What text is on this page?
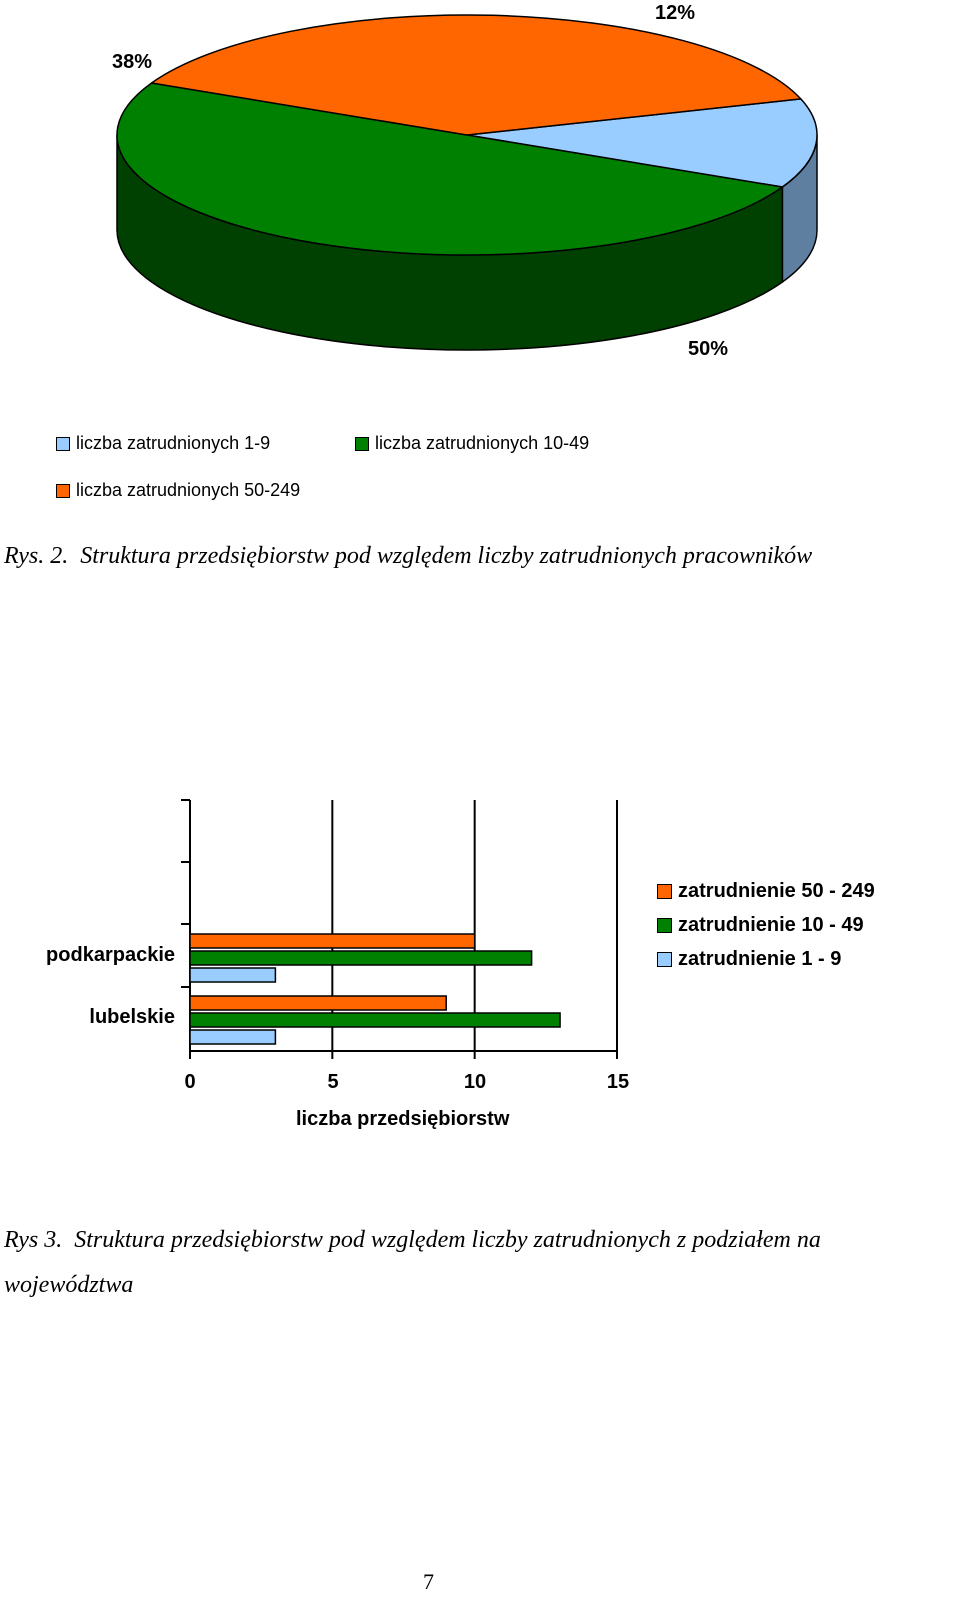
12%
50%
38%
liczba zatrudnionych 1-9	liczba zatrudnionych 10-49
liczba zatrudnionych 50-249
Rys. 2.  Struktura przedsiębiorstw pod względem liczby zatrudnionych pracowników
podkarpackie
lubelskie
0	5	10	15
liczba przedsiębiorstw
zatrudnienie 50 - 249
zatrudnienie 10 - 49
zatrudnienie 1 - 9
Rys 3.  Struktura przedsiębiorstw pod względem liczby zatrudnionych z podziałem na
województwa
7
